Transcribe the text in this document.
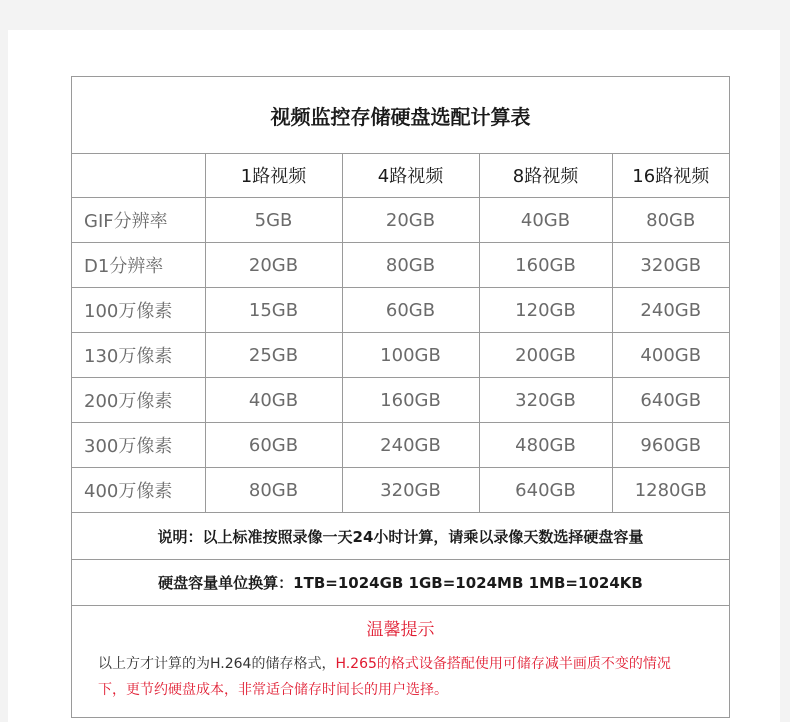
视频监控存储硬盘选配计算表
	1路视频	4路视频	8路视频	16路视频
GIF分辨率	5GB	20GB	40GB	80GB
D1分辨率	20GB	80GB	160GB	320GB
100万像素	15GB	60GB	120GB	240GB
130万像素	25GB	100GB	200GB	400GB
200万像素	40GB	160GB	320GB	640GB
300万像素	60GB	240GB	480GB	960GB
400万像素	80GB	320GB	640GB	1280GB
说明：以上标准按照录像一天24小时计算，请乘以录像天数选择硬盘容量
硬盘容量单位换算：1TB=1024GB 1GB=1024MB 1MB=1024KB
温馨提示
以上方才计算的为H.264的储存格式，H.265的格式设备搭配使用可储存减半画质不变的情况下，更节约硬盘成本，非常适合储存时间长的用户选择。
